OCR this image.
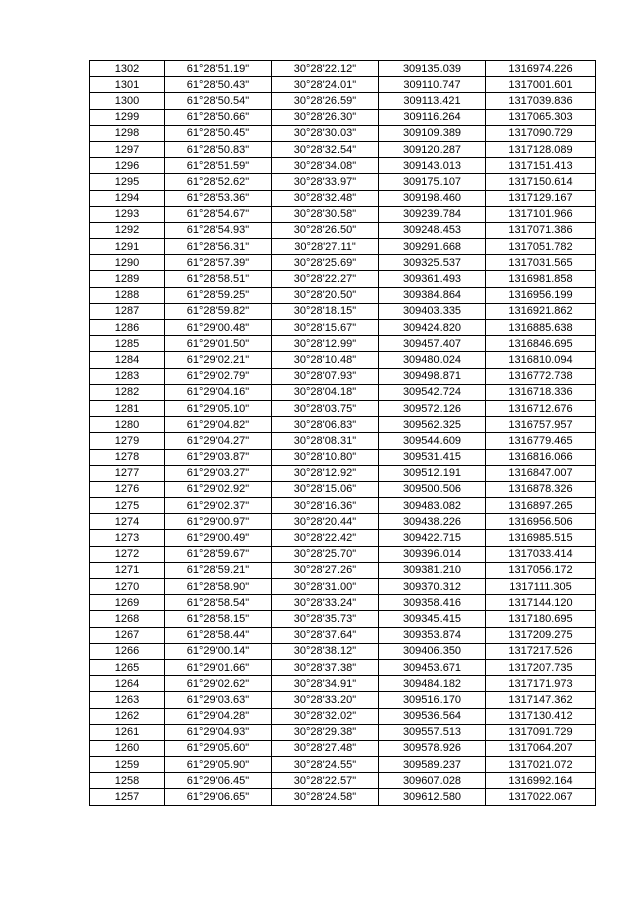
1302	61°28'51.19"	30°28'22.12"	309135.039	1316974.226
1301	61°28'50.43"	30°28'24.01"	309110.747	1317001.601
1300	61°28'50.54"	30°28'26.59"	309113.421	1317039.836
1299	61°28'50.66"	30°28'26.30"	309116.264	1317065.303
1298	61°28'50.45"	30°28'30.03"	309109.389	1317090.729
1297	61°28'50.83"	30°28'32.54"	309120.287	1317128.089
1296	61°28'51.59"	30°28'34.08"	309143.013	1317151.413
1295	61°28'52.62"	30°28'33.97"	309175.107	1317150.614
1294	61°28'53.36"	30°28'32.48"	309198.460	1317129.167
1293	61°28'54.67"	30°28'30.58"	309239.784	1317101.966
1292	61°28'54.93"	30°28'26.50"	309248.453	1317071.386
1291	61°28'56.31"	30°28'27.11"	309291.668	1317051.782
1290	61°28'57.39"	30°28'25.69"	309325.537	1317031.565
1289	61°28'58.51"	30°28'22.27"	309361.493	1316981.858
1288	61°28'59.25"	30°28'20.50"	309384.864	1316956.199
1287	61°28'59.82"	30°28'18.15"	309403.335	1316921.862
1286	61°29'00.48"	30°28'15.67"	309424.820	1316885.638
1285	61°29'01.50"	30°28'12.99"	309457.407	1316846.695
1284	61°29'02.21"	30°28'10.48"	309480.024	1316810.094
1283	61°29'02.79"	30°28'07.93"	309498.871	1316772.738
1282	61°29'04.16"	30°28'04.18"	309542.724	1316718.336
1281	61°29'05.10"	30°28'03.75"	309572.126	1316712.676
1280	61°29'04.82"	30°28'06.83"	309562.325	1316757.957
1279	61°29'04.27"	30°28'08.31"	309544.609	1316779.465
1278	61°29'03.87"	30°28'10.80"	309531.415	1316816.066
1277	61°29'03.27"	30°28'12.92"	309512.191	1316847.007
1276	61°29'02.92"	30°28'15.06"	309500.506	1316878.326
1275	61°29'02.37"	30°28'16.36"	309483.082	1316897.265
1274	61°29'00.97"	30°28'20.44"	309438.226	1316956.506
1273	61°29'00.49"	30°28'22.42"	309422.715	1316985.515
1272	61°28'59.67"	30°28'25.70"	309396.014	1317033.414
1271	61°28'59.21"	30°28'27.26"	309381.210	1317056.172
1270	61°28'58.90"	30°28'31.00"	309370.312	1317111.305
1269	61°28'58.54"	30°28'33.24"	309358.416	1317144.120
1268	61°28'58.15"	30°28'35.73"	309345.415	1317180.695
1267	61°28'58.44"	30°28'37.64"	309353.874	1317209.275
1266	61°29'00.14"	30°28'38.12"	309406.350	1317217.526
1265	61°29'01.66"	30°28'37.38"	309453.671	1317207.735
1264	61°29'02.62"	30°28'34.91"	309484.182	1317171.973
1263	61°29'03.63"	30°28'33.20"	309516.170	1317147.362
1262	61°29'04.28"	30°28'32.02"	309536.564	1317130.412
1261	61°29'04.93"	30°28'29.38"	309557.513	1317091.729
1260	61°29'05.60"	30°28'27.48"	309578.926	1317064.207
1259	61°29'05.90"	30°28'24.55"	309589.237	1317021.072
1258	61°29'06.45"	30°28'22.57"	309607.028	1316992.164
1257	61°29'06.65"	30°28'24.58"	309612.580	1317022.067
